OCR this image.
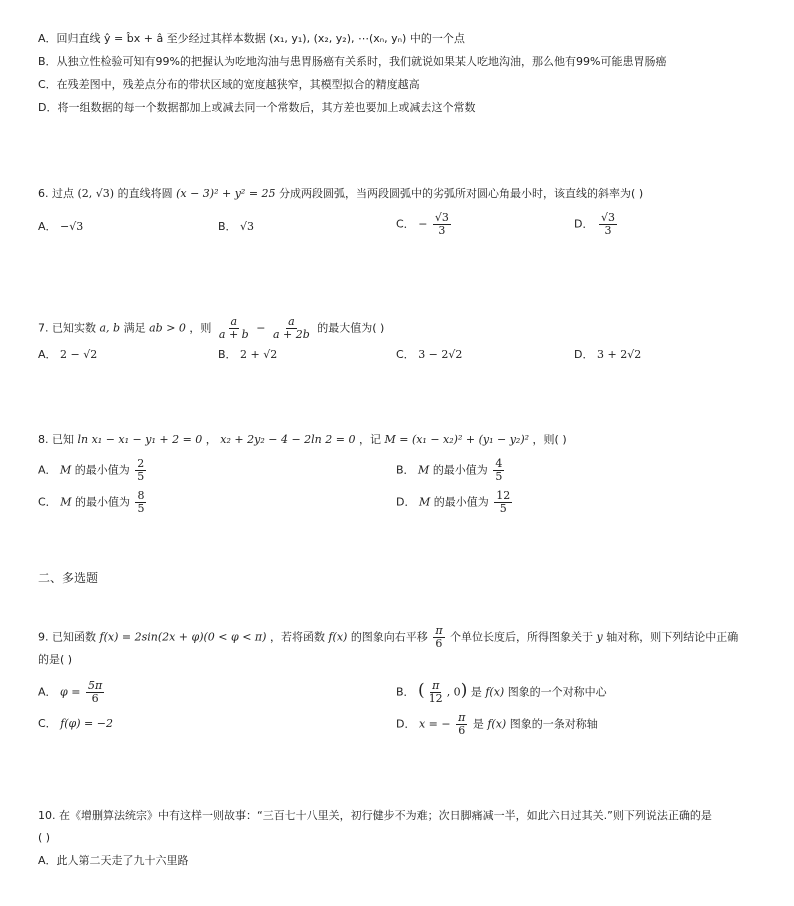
A．回归直线 ŷ = b̂x + â 至少经过其样本数据 (x₁, y₁), (x₂, y₂), ⋯(xₙ, yₙ) 中的一个点
B．从独立性检验可知有99%的把握认为吃地沟油与患胃肠癌有关系时，我们就说如果某人吃地沟油，那么他有99%可能患胃肠癌
C．在残差图中，残差点分布的带状区域的宽度越狭窄，其模型拟合的精度越高
D．将一组数据的每一个数据都加上或减去同一个常数后，其方差也要加上或减去这个常数
6. 过点 (2, √3) 的直线将圆 (x − 3)² + y² = 25 分成两段圆弧，当两段圆弧中的劣弧所对圆心角最小时，该直线的斜率为( )
A． −√3	B． √3	C． − $\frac{√3}{3}$	D． $\frac{√3}{3}$
7. 已知实数 a, b 满足 ab > 0 ，则 $\frac{a}{a + b} - \frac{a}{a + 2b}$ 的最大值为( )
A． 2 − √2	B． 2 + √2	C． 3 − 2√2	D． 3 + 2√2
8. 已知 ln x₁ − x₁ − y₁ + 2 = 0 ， x₂ + 2y₂ − 4 − 2ln 2 = 0 ，记 M = (x₁ − x₂)² + (y₁ − y₂)² ，则( )
A． M 的最小值为 $\frac{2}{5}$	B． M 的最小值为 $\frac{4}{5}$
C． M 的最小值为 $\frac{8}{5}$	D． M 的最小值为 $\frac{12}{5}$
二、多选题
9. 已知函数 f(x) = 2sin(2x + φ)(0 < φ < π) ，若将函数 f(x) 的图象向右平移 $\frac{\pi}{6}$ 个单位长度后，所得图象关于 y 轴对称，则下列结论中正确
的是( )
A． $\varphi = \frac{5\pi}{6}$	B． ( $\frac{\pi}{12}$ , 0) 是 f(x) 图象的一个对称中心
C． f(φ) = −2	D． x = − $\frac{\pi}{6}$ 是 f(x) 图象的一条对称轴
10. 在《增删算法统宗》中有这样一则故事：“三百七十八里关，初行健步不为难；次日脚痛减一半，如此六日过其关.”则下列说法正确的是
( )
A．此人第二天走了九十六里路
